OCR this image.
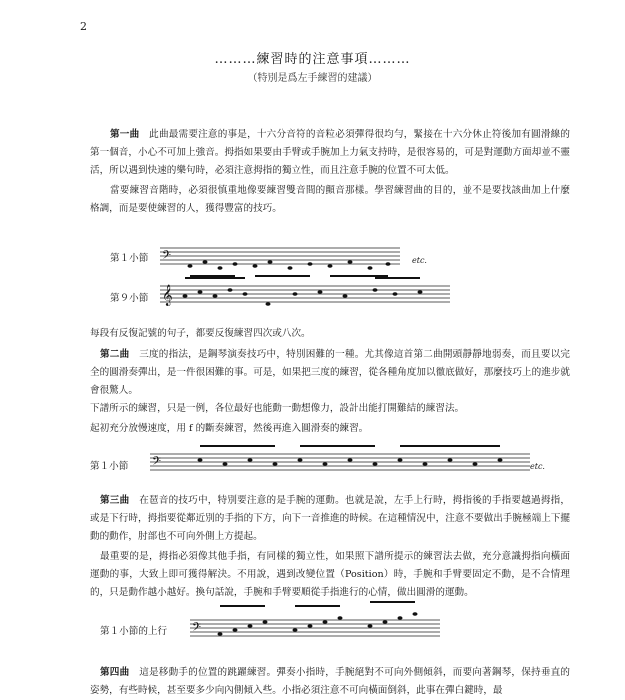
2
………練習時的注意事項………
（特別是爲左手練習的建議）

第一曲　 此曲最需要注意的事是，十六分音符的音粒必須彈得很均勻，緊接在十六分休止符後加有圓滑線的第一個音，小心不可加上強音。拇指如果要由手臂或手腕加上力氣支持時，是很容易的，可是對運動方面却並不靈活，所以遇到快速的樂句時，必須注意拇指的獨立性，而且注意手腕的位置不可太低。

當要練習音階時，必須很慎重地像要練習雙音間的顫音那樣。學習練習曲的目的，並不是要找該曲加上什麼格調，而是要使練習的人，獲得豐富的技巧。

第１小節 𝄢	etc.
第９小節 𝄞

每段有反復記號的句子，都要反復練習四次或八次。

第二曲　 三度的指法，是鋼琴演奏技巧中，特別困難的一種。尤其像這首第二曲開頭靜靜地弱奏，而且要以完全的圓滑奏彈出，是一件很困難的事。可是，如果把三度的練習，從各種角度加以徹底做好，那麼技巧上的進步就會很驚人。

下譜所示的練習，只是一例，各位最好也能動一動想像力，設計出能打開難結的練習法。

起初充分放慢速度，用 f 的斷奏練習，然後再進入圓滑奏的練習。

第１小節 𝄢	etc.

第三曲　 在琶音的技巧中，特別要注意的是手腕的運動。也就是說，左手上行時，拇指後的手指要越過拇指，或是下行時，拇指要從鄰近別的手指的下方，向下一音推進的時候。在這種情況中，注意不要做出手腕極端上下擺動的動作，肘部也不可向外側上方提起。

最重要的是，拇指必須像其他手指，有同樣的獨立性，如果照下譜所提示的練習法去做，充分意識拇指向橫面運動的事，大致上即可獲得解決。不用說，遇到改變位置（Position）時，手腕和手臂要固定不動，是不合情理的，只是動作越小越好。換句話說，手腕和手臂要順從手指進行的心情，做出圓滑的運動。

第１小節的上行 𝄢

第四曲　 這是移動手的位置的跳躍練習。彈奏小指時，手腕絕對不可向外側傾斜，而要向著鋼琴，保持垂直的姿勢，有些時候，甚至要多少向內側傾入些。小指必須注意不可向橫面倒斜，此事在彈白鍵時，最
